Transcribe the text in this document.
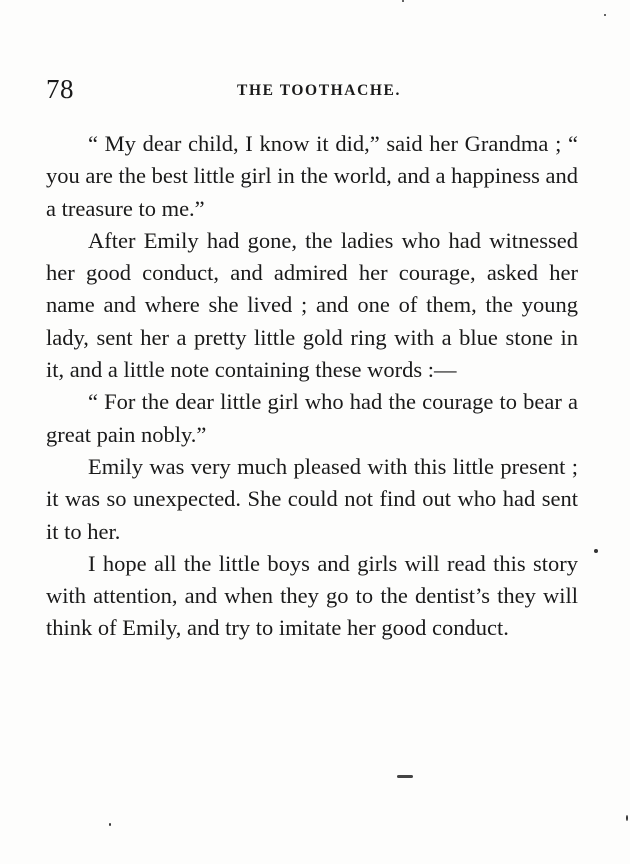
78	THE TOOTHACHE.

“ My dear child, I know it did,” said her Grandma ; “ you are the best little girl in the world, and a happiness and a treasure to me.”

After Emily had gone, the ladies who had witnessed her good conduct, and admired her courage, asked her name and where she lived ; and one of them, the young lady, sent her a pretty little gold ring with a blue stone in it, and a little note containing these words :—

“ For the dear little girl who had the courage to bear a great pain nobly.”

Emily was very much pleased with this little present ; it was so unexpected. She could not find out who had sent it to her.

I hope all the little boys and girls will read this story with attention, and when they go to the dentist’s they will think of Emily, and try to imitate her good conduct.
